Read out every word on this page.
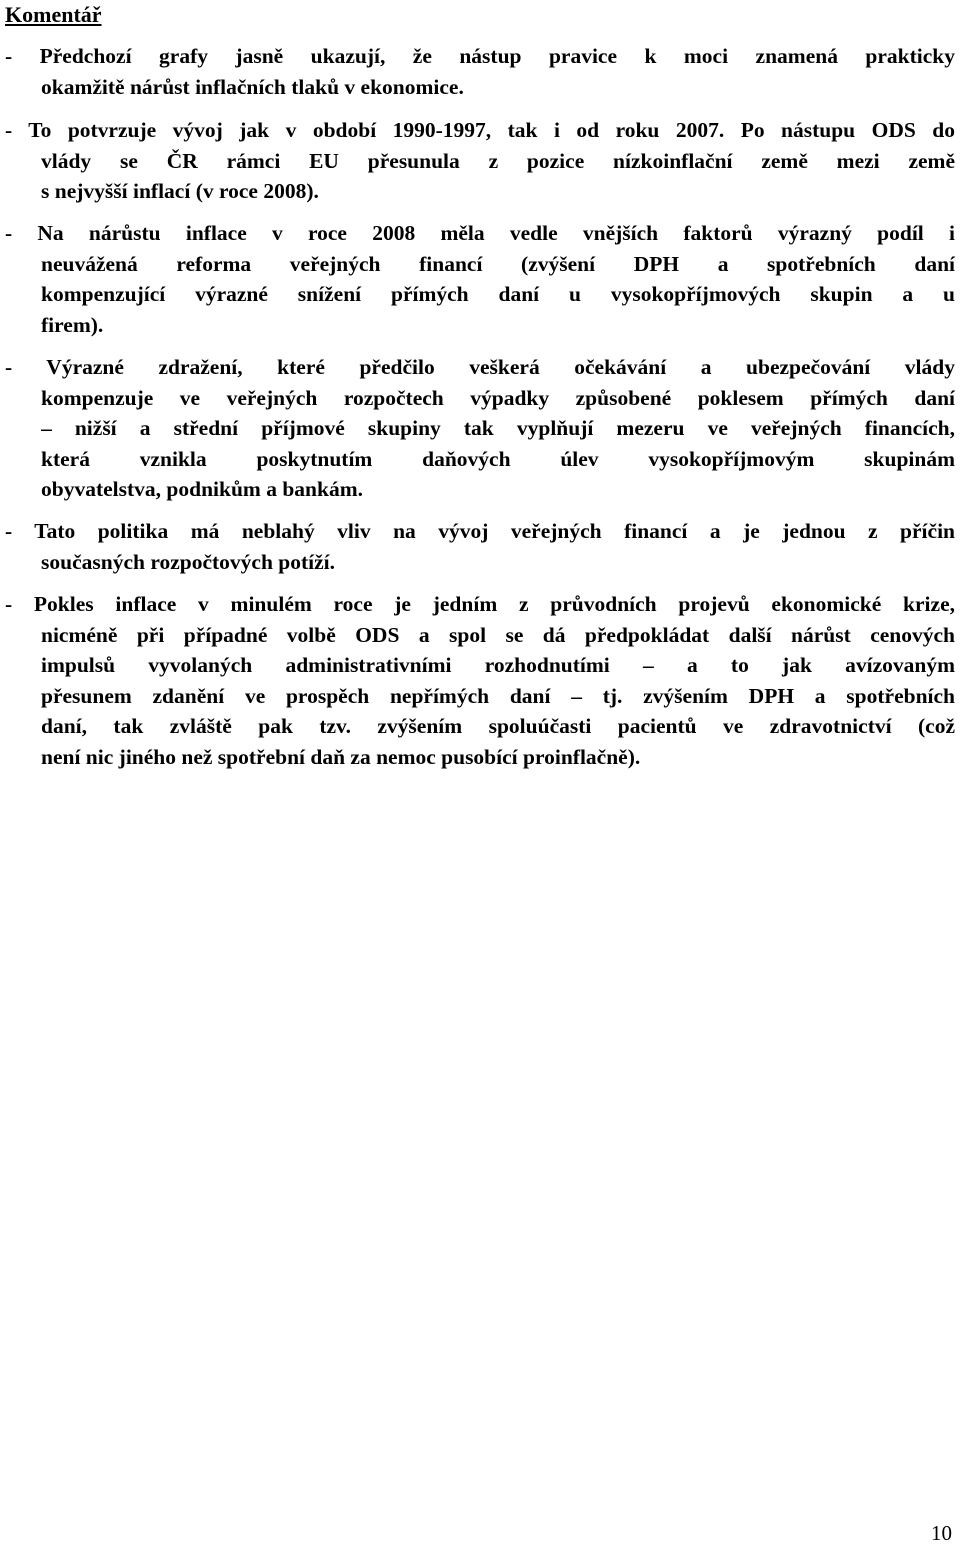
Komentář
- Předchozí grafy jasně ukazují, že nástup pravice k moci znamená prakticky
okamžitě nárůst inflačních tlaků v ekonomice.
- To potvrzuje vývoj jak v období 1990-1997, tak i od roku 2007. Po nástupu ODS do
vlády se ČR rámci EU přesunula z pozice nízkoinflační země mezi země
s nejvyšší inflací (v roce 2008).
- Na nárůstu inflace v roce 2008 měla vedle vnějších faktorů výrazný podíl i
neuvážená reforma veřejných financí (zvýšení DPH a spotřebních daní
kompenzující výrazné snížení přímých daní u vysokopříjmových skupin a u
firem).
- Výrazné zdražení, které předčilo veškerá očekávání a ubezpečování vlády
kompenzuje ve veřejných rozpočtech výpadky způsobené poklesem přímých daní
– nižší a střední příjmové skupiny tak vyplňují mezeru ve veřejných financích,
která vznikla poskytnutím daňových úlev vysokopříjmovým skupinám
obyvatelstva, podnikům a bankám.
- Tato politika má neblahý vliv na vývoj veřejných financí a je jednou z příčin
současných rozpočtových potíží.
- Pokles inflace v minulém roce je jedním z průvodních projevů ekonomické krize,
nicméně při případné volbě ODS a spol se dá předpokládat další nárůst cenových
impulsů vyvolaných administrativními rozhodnutími – a to jak avízovaným
přesunem zdanění ve prospěch nepřímých daní – tj. zvýšením DPH a spotřebních
daní, tak zvláště pak tzv. zvýšením spoluúčasti pacientů ve zdravotnictví (což
není nic jiného než spotřební daň za nemoc pusobící proinflačně).
10
